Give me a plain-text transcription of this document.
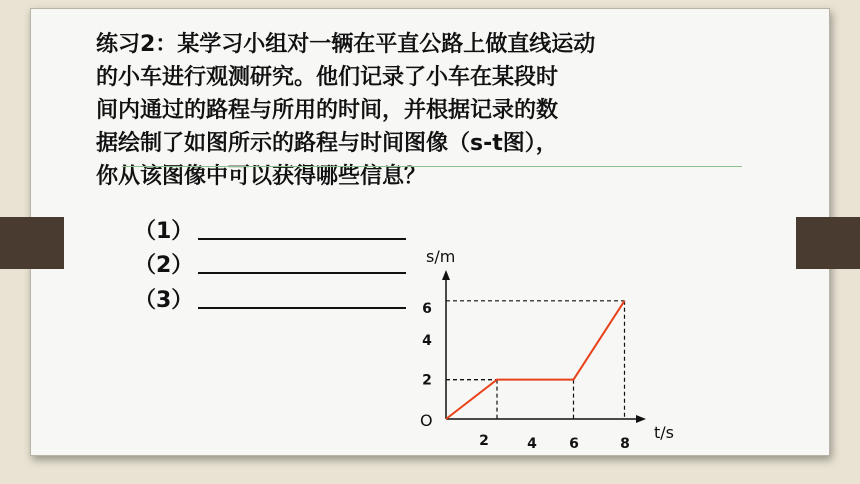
练习2：某学习小组对一辆在平直公路上做直线运动
的小车进行观测研究。他们记录了小车在某段时
间内通过的路程与所用的时间，并根据记录的数
据绘制了如图所示的路程与时间图像（s-t图），
你从该图像中可以获得哪些信息？
（1）
（2）
（3）
s/m
t/s
O
2	4 6	8
2
4
6
